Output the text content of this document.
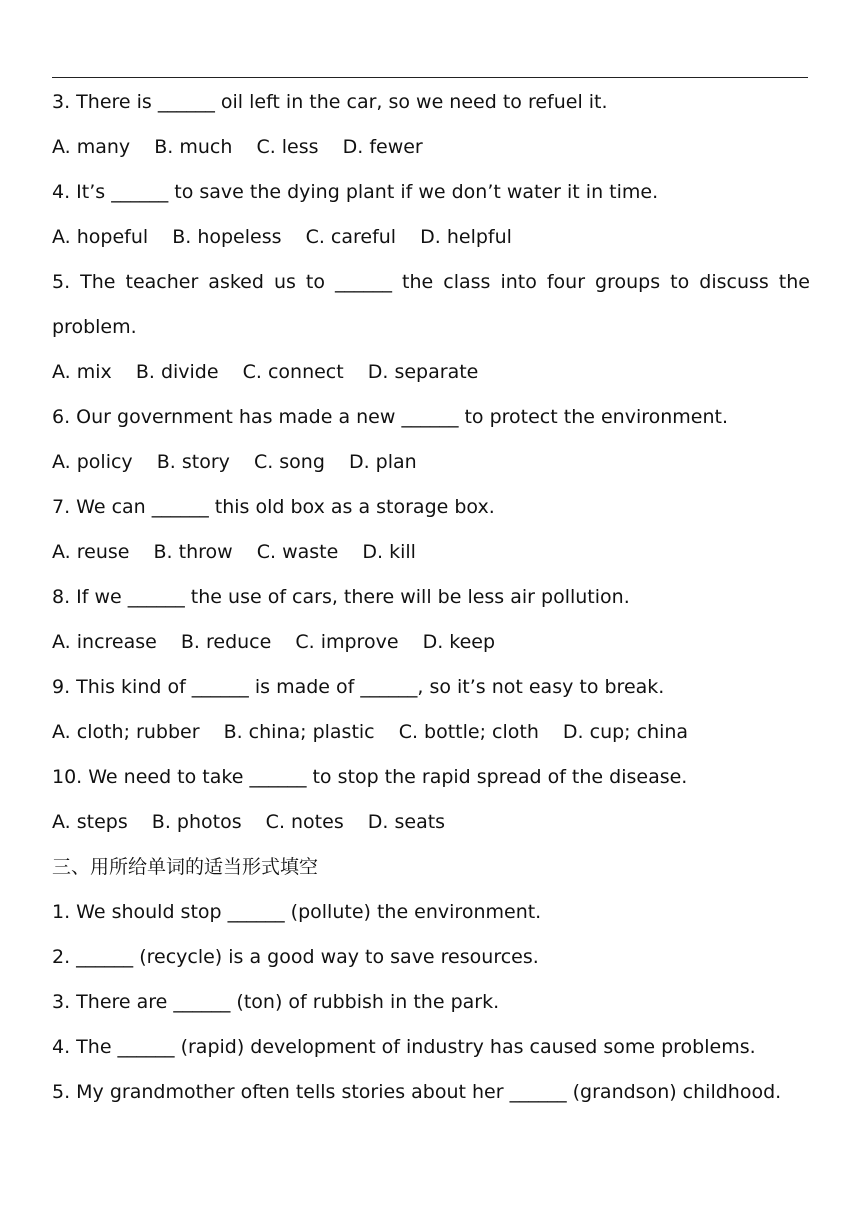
3. There is ______ oil left in the car, so we need to refuel it.
A. many B. much C. less D. fewer
4. It’s ______ to save the dying plant if we don’t water it in time.
A. hopeful B. hopeless C. careful D. helpful
5. The teacher asked us to ______ the class into four groups to discuss the
problem.
A. mix B. divide C. connect D. separate
6. Our government has made a new ______ to protect the environment.
A. policy B. story C. song D. plan
7. We can ______ this old box as a storage box.
A. reuse B. throw C. waste D. kill
8. If we ______ the use of cars, there will be less air pollution.
A. increase B. reduce C. improve D. keep
9. This kind of ______ is made of ______, so it’s not easy to break.
A. cloth; rubber B. china; plastic C. bottle; cloth D. cup; china
10. We need to take ______ to stop the rapid spread of the disease.
A. steps B. photos C. notes D. seats
三、用所给单词的适当形式填空
1. We should stop ______ (pollute) the environment.
2. ______ (recycle) is a good way to save resources.
3. There are ______ (ton) of rubbish in the park.
4. The ______ (rapid) development of industry has caused some problems.
5. My grandmother often tells stories about her ______ (grandson) childhood.
